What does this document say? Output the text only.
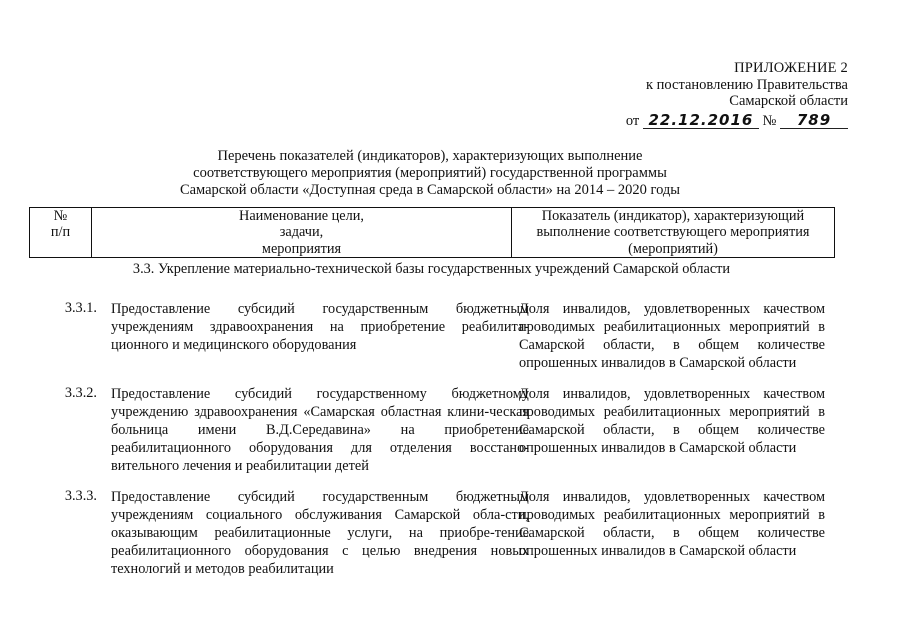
ПРИЛОЖЕНИЕ 2
к постановлению Правительства
Самарской области
от 22.12.2016 № 789
Перечень показателей (индикаторов), характеризующих выполнение
соответствующего мероприятия (мероприятий) государственной программы
Самарской области «Доступная среда в Самарской области» на 2014 – 2020 годы
№
п/п

Наименование цели,
задачи,
мероприятия

Показатель (индикатор), характеризующий
выполнение соответствующего мероприятия
(мероприятий)
3.3. Укрепление материально-технической базы государственных учреждений Самарской области
3.3.1. Предоставление субсидий государственным бюджетным учреждениям здравоохранения на приобретение реабилита-ционного и медицинского оборудования
Доля инвалидов, удовлетворенных качеством проводимых реабилитационных мероприятий в Самарской области, в общем количестве опрошенных инвалидов в Самарской области
3.3.2. Предоставление субсидий государственному бюджетному учреждению здравоохранения «Самарская областная клини-ческая больница имени В.Д.Середавина» на приобретение реабилитационного оборудования для отделения восстано-вительного лечения и реабилитации детей
Доля инвалидов, удовлетворенных качеством проводимых реабилитационных мероприятий в Самарской области, в общем количестве опрошенных инвалидов в Самарской области
3.3.3. Предоставление субсидий государственным бюджетным учреждениям социального обслуживания Самарской обла-сти, оказывающим реабилитационные услуги, на приобре-тение реабилитационного оборудования с целью внедрения новых технологий и методов реабилитации
Доля инвалидов, удовлетворенных качеством проводимых реабилитационных мероприятий в Самарской области, в общем количестве опрошенных инвалидов в Самарской области
